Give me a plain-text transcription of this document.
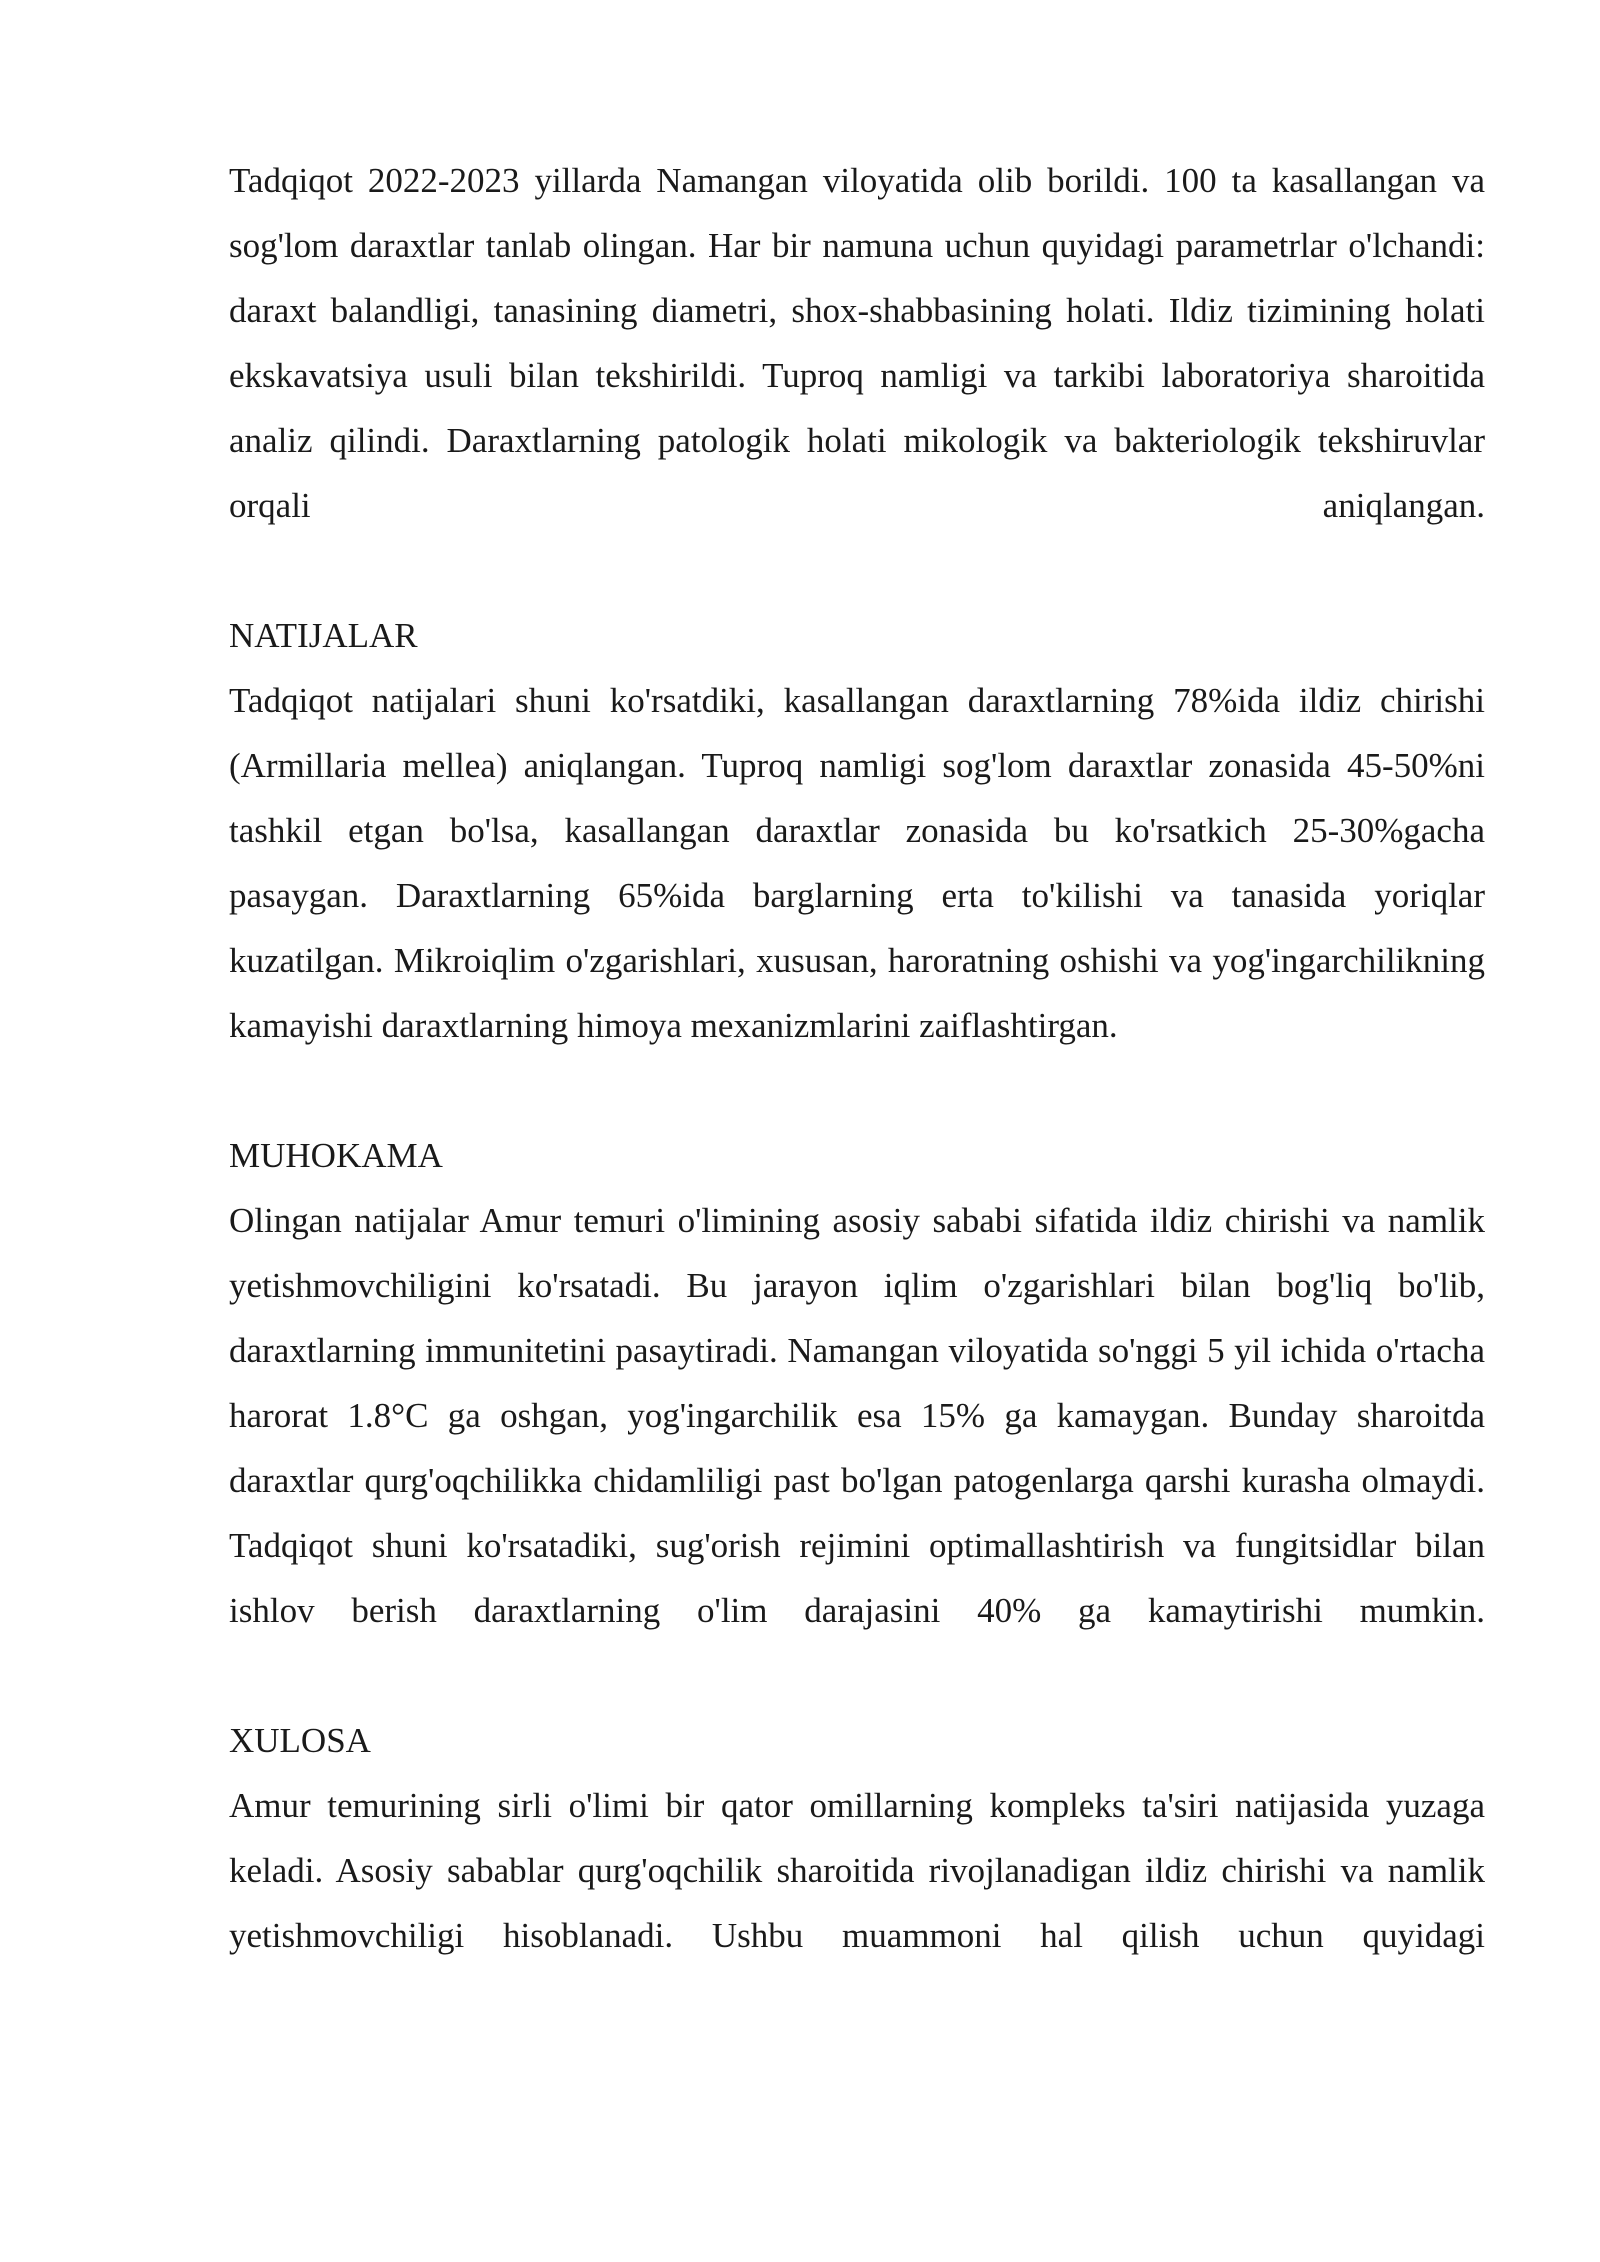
Tadqiqot 2022-2023 yillarda Namangan viloyatida olib borildi. 100 ta kasallangan va sog'lom daraxtlar tanlab olingan. Har bir namuna uchun quyidagi parametrlar o'lchandi: daraxt balandligi, tanasining diametri, shox-shabbasining holati. Ildiz tizimining holati ekskavatsiya usuli bilan tekshirildi. Tuproq namligi va tarkibi laboratoriya sharoitida analiz qilindi. Daraxtlarning patologik holati mikologik va bakteriologik tekshiruvlar orqali aniqlangan.

NATIJALAR

Tadqiqot natijalari shuni ko'rsatdiki, kasallangan daraxtlarning 78%ida ildiz chirishi (Armillaria mellea) aniqlangan. Tuproq namligi sog'lom daraxtlar zonasida 45-50%ni tashkil etgan bo'lsa, kasallangan daraxtlar zonasida bu ko'rsatkich 25-30%gacha pasaygan. Daraxtlarning 65%ida barglarning erta to'kilishi va tanasida yoriqlar kuzatilgan. Mikroiqlim o'zgarishlari, xususan, haroratning oshishi va yog'ingarchilikning kamayishi daraxtlarning himoya mexanizmlarini zaiflashtirgan.

MUHOKAMA

Olingan natijalar Amur temuri o'limining asosiy sababi sifatida ildiz chirishi va namlik yetishmovchiligini ko'rsatadi. Bu jarayon iqlim o'zgarishlari bilan bog'liq bo'lib, daraxtlarning immunitetini pasaytiradi. Namangan viloyatida so'nggi 5 yil ichida o'rtacha harorat 1.8°C ga oshgan, yog'ingarchilik esa 15% ga kamaygan. Bunday sharoitda daraxtlar qurg'oqchilikka chidamliligi past bo'lgan patogenlarga qarshi kurasha olmaydi. Tadqiqot shuni ko'rsatadiki, sug'orish rejimini optimallashtirish va fungitsidlar bilan ishlov berish daraxtlarning o'lim darajasini 40% ga kamaytirishi mumkin.

XULOSA

Amur temurining sirli o'limi bir qator omillarning kompleks ta'siri natijasida yuzaga keladi. Asosiy sabablar qurg'oqchilik sharoitida rivojlanadigan ildiz chirishi va namlik yetishmovchiligi hisoblanadi. Ushbu muammoni hal qilish uchun quyidagi
